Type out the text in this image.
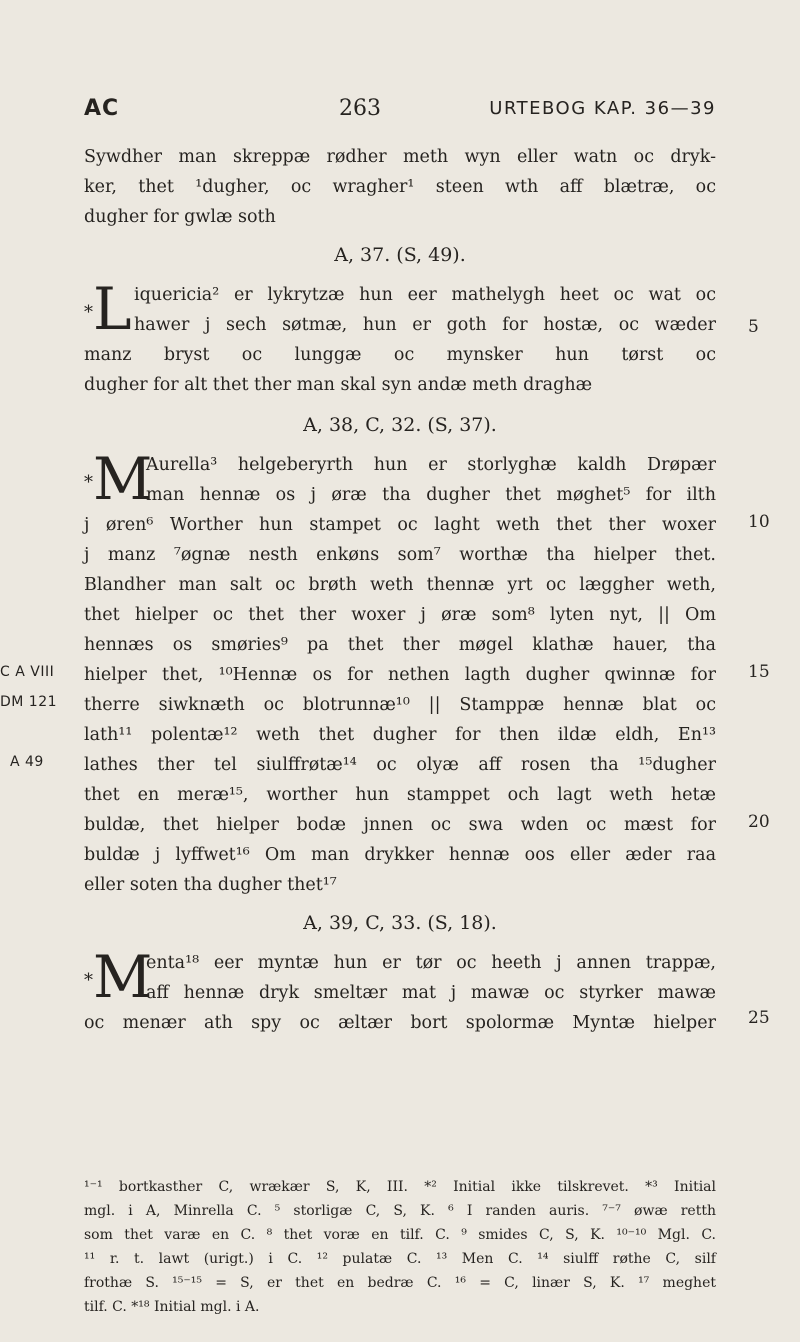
AC	263	URTEBOG KAP. 36—39
Sywdher man skreppæ rødher meth wyn eller watn oc dryk-
ker, thet ¹dugher, oc wragher¹ steen wth aff blætræ, oc
dugher for gwlæ soth
A, 37. (S, 49).
*L iquericia² er lykrytzæ hun eer mathelygh heet oc wat oc
hawer j sech søtmæ, hun er goth for hostæ, oc wæder
manz bryst oc lunggæ oc mynsker hun tørst oc
dugher for alt thet ther man skal syn andæ meth draghæ
A, 38, C, 32. (S, 37).
*M
Aurella³ helgeberyrth hun er storlyghæ kaldh Drøpær
man hennæ os j øræ tha dugher thet møghet⁵ for ilth
j øren⁶ Worther hun stampet oc laght weth thet ther woxer
j manz ⁷øgnæ nesth enkøns som⁷ worthæ tha hielper thet.
Blandher man salt oc brøth weth thennæ yrt oc læggher weth,
thet hielper oc thet ther woxer j øræ som⁸ lyten nyt, || Om
hennæs os smøries⁹ pa thet ther møgel klathæ hauer, tha
hielper thet, ¹⁰Hennæ os for nethen lagth dugher qwinnæ for
therre siwknæth oc blotrunnæ¹⁰ || Stamppæ hennæ blat oc
lath¹¹ polentæ¹² weth thet dugher for then ildæ eldh, En¹³
lathes ther tel siulffrøtæ¹⁴ oc olyæ aff rosen tha ¹⁵dugher
thet en meræ¹⁵, worther hun stamppet och lagt weth hetæ
buldæ, thet hielper bodæ jnnen oc swa wden oc mæst for
buldæ j lyffwet¹⁶ Om man drykker hennæ oos eller æder raa
eller soten tha dugher thet¹⁷
A, 39, C, 33. (S, 18).
*M
enta¹⁸ eer myntæ hun er tør oc heeth j annen trappæ,
aff hennæ dryk smeltær mat j mawæ oc styrker mawæ
oc menær ath spy oc æltær bort spolormæ Myntæ hielper
5
10
15
20
25
C A VIII
DM 121
A 49
¹⁻¹ bortkasther C, wrækær S, K, III. *² Initial ikke tilskrevet. *³ Initial
mgl. i A, Minrella C. ⁵ storligæ C, S, K. ⁶ I randen auris. ⁷⁻⁷ øwæ retth
som thet varæ en C. ⁸ thet voræ en tilf. C. ⁹ smides C, S, K. ¹⁰⁻¹⁰ Mgl. C.
¹¹ r. t. lawt (urigt.) i C. ¹² pulatæ C. ¹³ Men C. ¹⁴ siulff røthe C, silf
frothæ S. ¹⁵⁻¹⁵ = S, er thet en bedræ C. ¹⁶ = C, linær S, K. ¹⁷ meghet
tilf. C. *¹⁸ Initial mgl. i A.
